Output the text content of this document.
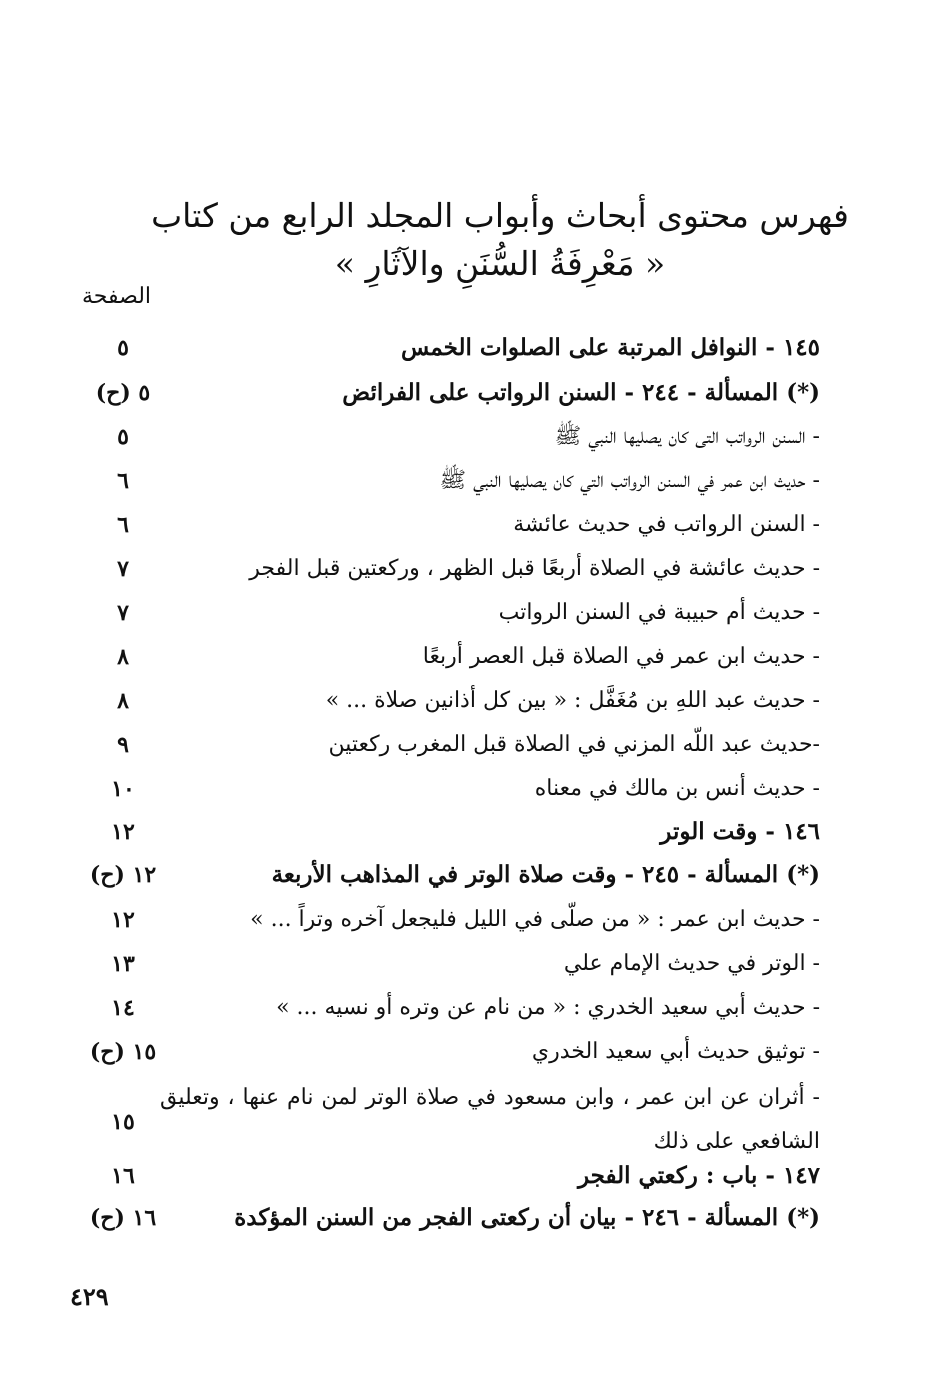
فهرس محتوى أبحاث وأبواب المجلد الرابع من كتاب
« مَعْرِفَةُ السُّنَنِ والآثَارِ »
الصفحة
١٤٥ - النوافل المرتبة على الصلوات الخمس
٥
(*) المسألة - ٢٤٤ - السنن الرواتب على الفرائض
٥ (ح)
- السنن الرواتب التى كان يصليها النبي ﷺ
٥
- حديث ابن عمر في السنن الرواتب التي كان يصليها النبي ﷺ
٦
- السنن الرواتب في حديث عائشة
٦
- حديث عائشة في الصلاة أربعًا قبل الظهر ، وركعتين قبل الفجر
٧
- حديث أم حبيبة في السنن الرواتب
٧
- حديث ابن عمر في الصلاة قبل العصر أربعًا
٨
- حديث عبد اللهِ بن مُغَفَّل : « بين كل أذانين صلاة ... »
٨
-حديث عبد اللّه المزني في الصلاة قبل المغرب ركعتين
٩
- حديث أنس بن مالك في معناه
١٠
١٤٦ - وقت الوتر
١٢
(*) المسألة - ٢٤٥ - وقت صلاة الوتر في المذاهب الأربعة
١٢ (ح)
- حديث ابن عمر : « من صلّى في الليل فليجعل آخره وتراً ... »
١٢
- الوتر في حديث الإمام علي
١٣
- حديث أبي سعيد الخدري : « من نام عن وتره أو نسيه ... »
١٤
- توثيق حديث أبي سعيد الخدري
١٥ (ح)
- أثران عن ابن عمر ، وابن مسعود في صلاة الوتر لمن نام عنها ، وتعليق الشافعي على ذلك
١٥
١٤٧ - باب : ركعتي الفجر
١٦
(*) المسألة - ٢٤٦ - بيان أن ركعتى الفجر من السنن المؤكدة
١٦ (ح)
٤٢٩
